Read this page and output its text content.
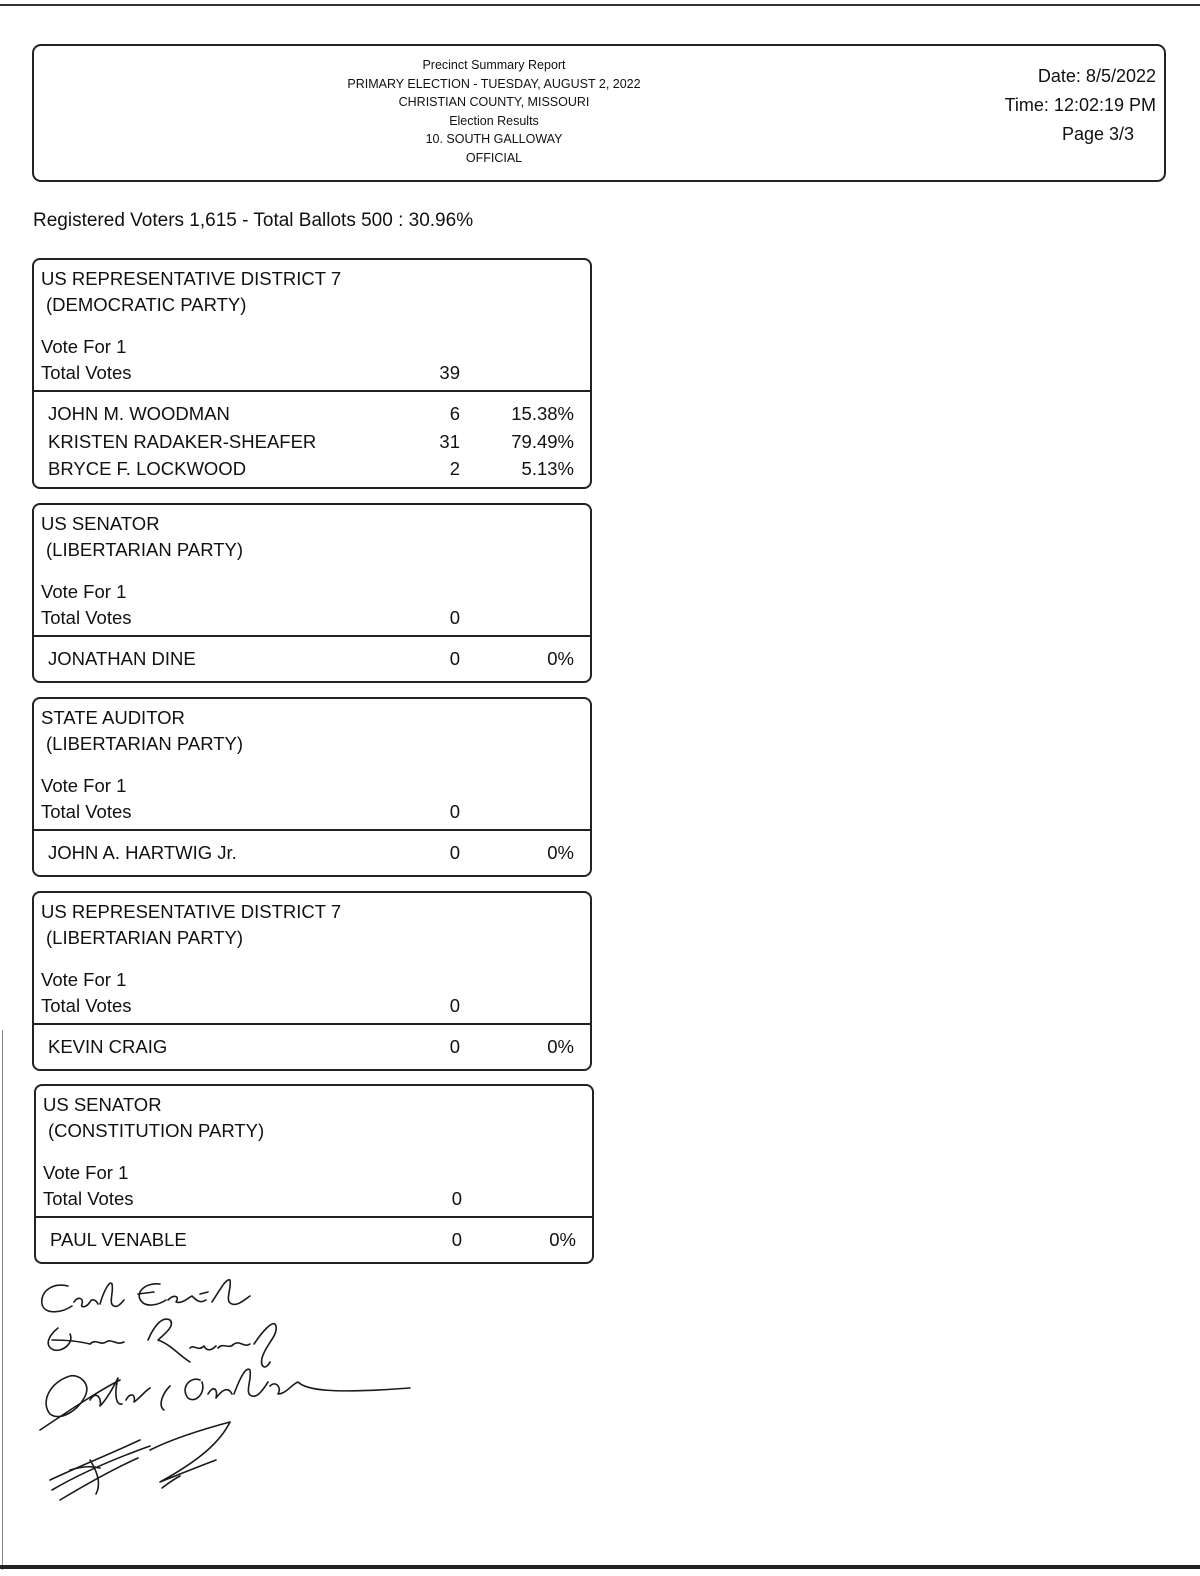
Precinct Summary Report
PRIMARY ELECTION - TUESDAY, AUGUST 2, 2022
CHRISTIAN COUNTY, MISSOURI
Election Results
10. SOUTH GALLOWAY
OFFICIAL
Date: 8/5/2022
Time: 12:02:19 PM
Page 3/3
Registered Voters 1,615 - Total Ballots 500 : 30.96%
US REPRESENTATIVE DISTRICT 7
(DEMOCRATIC PARTY)
Vote For 1
Total Votes	39
JOHN M. WOODMAN	6	15.38%
KRISTEN RADAKER-SHEAFER	31	79.49%
BRYCE F. LOCKWOOD	2	5.13%
US SENATOR
(LIBERTARIAN PARTY)
Vote For 1
Total Votes	0
JONATHAN DINE	0	0%
STATE AUDITOR
(LIBERTARIAN PARTY)
Vote For 1
Total Votes	0
JOHN A. HARTWIG Jr.	0	0%
US REPRESENTATIVE DISTRICT 7
(LIBERTARIAN PARTY)
Vote For 1
Total Votes	0
KEVIN CRAIG	0	0%
US SENATOR
(CONSTITUTION PARTY)
Vote For 1
Total Votes	0
PAUL VENABLE	0	0%
